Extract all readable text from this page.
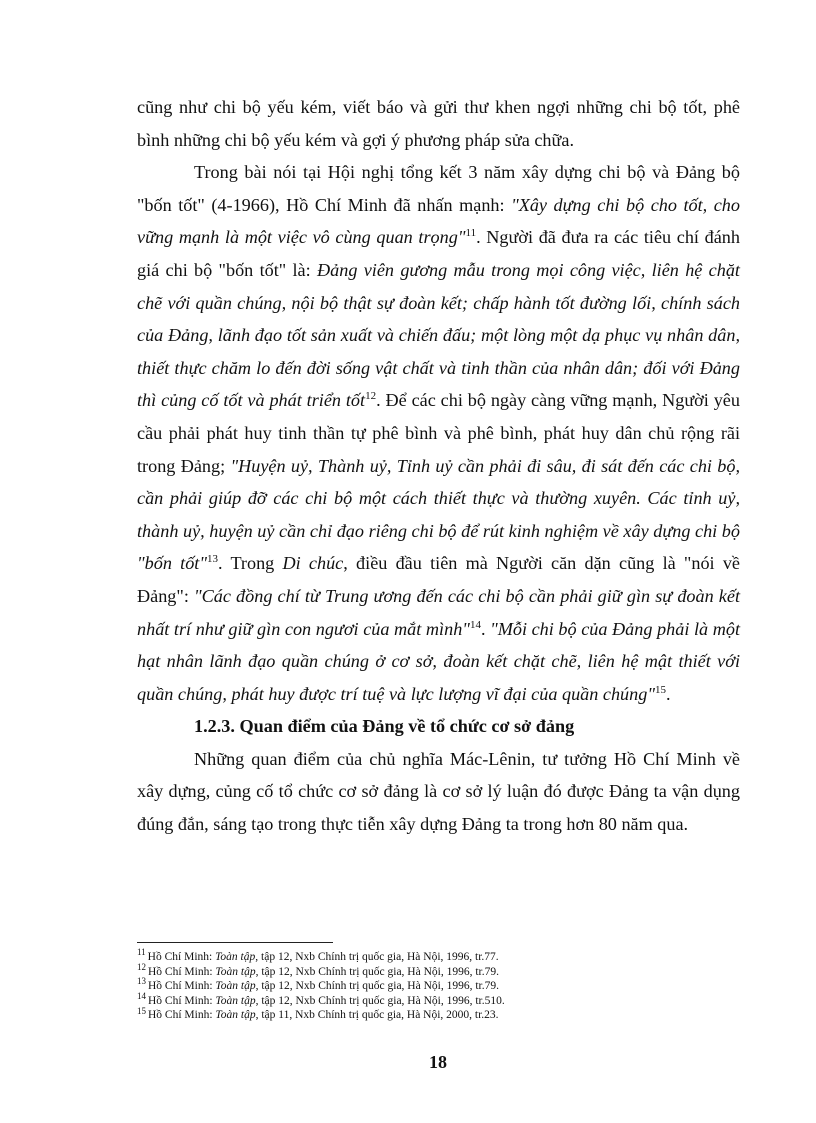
cũng như chi bộ yếu kém, viết báo và gửi thư khen ngợi những chi bộ tốt, phê bình những chi bộ yếu kém và gợi ý phương pháp sửa chữa.

Trong bài nói tại Hội nghị tổng kết 3 năm xây dựng chi bộ và Đảng bộ "bốn tốt" (4-1966), Hồ Chí Minh đã nhấn mạnh: "Xây dựng chi bộ cho tốt, cho vững mạnh là một việc vô cùng quan trọng"$^{11}$. Người đã đưa ra các tiêu chí đánh giá chi bộ "bốn tốt" là: Đảng viên gương mẫu trong mọi công việc, liên hệ chặt chẽ với quần chúng, nội bộ thật sự đoàn kết; chấp hành tốt đường lối, chính sách của Đảng, lãnh đạo tốt sản xuất và chiến đấu; một lòng một dạ phục vụ nhân dân, thiết thực chăm lo đến đời sống vật chất và tinh thần của nhân dân; đối với Đảng thì củng cố tốt và phát triển tốt$^{12}$. Để các chi bộ ngày càng vững mạnh, Người yêu cầu phải phát huy tinh thần tự phê bình và phê bình, phát huy dân chủ rộng rãi trong Đảng; "Huyện uỷ, Thành uỷ, Tỉnh uỷ cần phải đi sâu, đi sát đến các chi bộ, cần phải giúp đỡ các chi bộ một cách thiết thực và thường xuyên. Các tỉnh uỷ, thành uỷ, huyện uỷ cần chỉ đạo riêng chi bộ để rút kinh nghiệm về xây dựng chi bộ "bốn tốt"$^{13}$. Trong Di chúc, điều đầu tiên mà Người căn dặn cũng là "nói về Đảng": "Các đồng chí từ Trung ương đến các chi bộ cần phải giữ gìn sự đoàn kết nhất trí như giữ gìn con ngươi của mắt mình"$^{14}$. "Mỗi chi bộ của Đảng phải là một hạt nhân lãnh đạo quần chúng ở cơ sở, đoàn kết chặt chẽ, liên hệ mật thiết với quần chúng, phát huy được trí tuệ và lực lượng vĩ đại của quần chúng"$^{15}$.

1.2.3. Quan điểm của Đảng về tổ chức cơ sở đảng

Những quan điểm của chủ nghĩa Mác-Lênin, tư tưởng Hồ Chí Minh về xây dựng, củng cố tổ chức cơ sở đảng là cơ sở lý luận đó được Đảng ta vận dụng đúng đắn, sáng tạo trong thực tiễn xây dựng Đảng ta trong hơn 80 năm qua.

$^{11}$ Hồ Chí Minh: Toàn tập, tập 12, Nxb Chính trị quốc gia, Hà Nội, 1996, tr.77.
$^{12}$ Hồ Chí Minh: Toàn tập, tập 12, Nxb Chính trị quốc gia, Hà Nội, 1996, tr.79.
$^{13}$ Hồ Chí Minh: Toàn tập, tập 12, Nxb Chính trị quốc gia, Hà Nội, 1996, tr.79.
$^{14}$ Hồ Chí Minh: Toàn tập, tập 12, Nxb Chính trị quốc gia, Hà Nội, 1996, tr.510.
$^{15}$ Hồ Chí Minh: Toàn tập, tập 11, Nxb Chính trị quốc gia, Hà Nội, 2000, tr.23.
18
